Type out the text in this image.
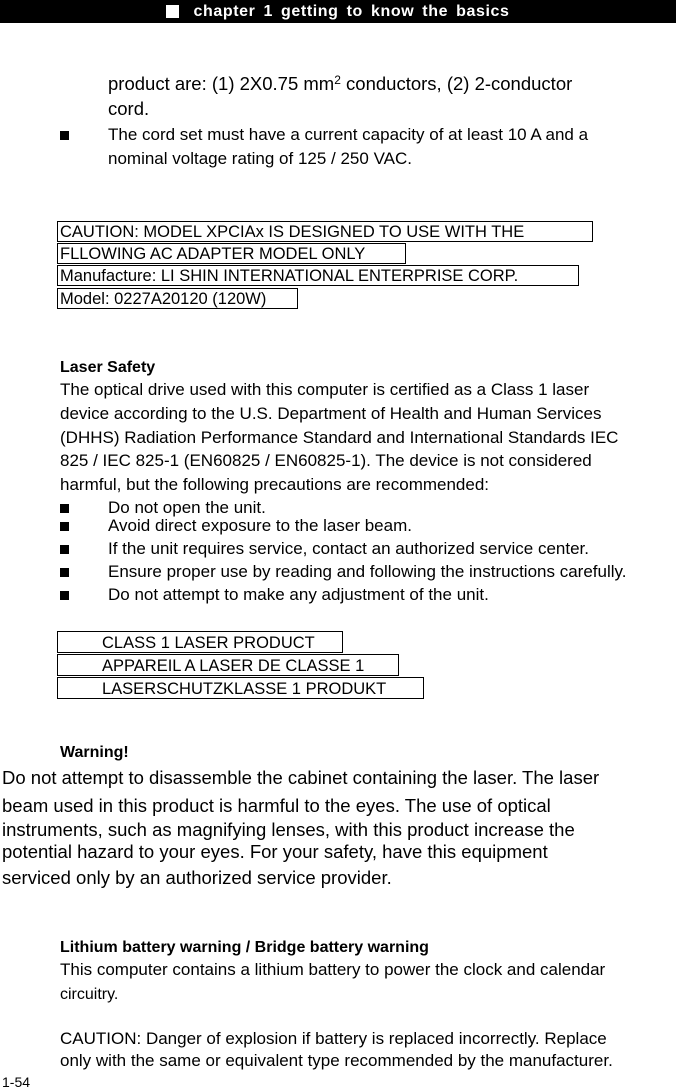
chapter 1 getting to know the basics
product are: (1) 2X0.75 $mm^2$ conductors, (2) 2-conductor
cord.
The cord set must have a current capacity of at least 10 A and a
nominal voltage rating of 125 / 250 VAC.
CAUTION: MODEL XPCIAx IS DESIGNED TO USE WITH THE
FLLOWING AC ADAPTER MODEL ONLY
Manufacture: LI SHIN INTERNATIONAL ENTERPRISE CORP.
Model: 0227A20120 (120W)
Laser Safety
The optical drive used with this computer is certified as a Class 1 laser
device according to the U.S. Department of Health and Human Services
(DHHS) Radiation Performance Standard and International Standards IEC
825 / IEC 825-1 (EN60825 / EN60825-1). The device is not considered
harmful, but the following precautions are recommended:
Do not open the unit.
Avoid direct exposure to the laser beam.
If the unit requires service, contact an authorized service center.
Ensure proper use by reading and following the instructions carefully.
Do not attempt to make any adjustment of the unit.
CLASS 1 LASER PRODUCT
APPAREIL A LASER DE CLASSE 1
LASERSCHUTZKLASSE 1 PRODUKT
Warning!
Do not attempt to disassemble the cabinet containing the laser. The laser
beam used in this product is harmful to the eyes. The use of optical
instruments, such as magnifying lenses, with this product increase the
potential hazard to your eyes. For your safety, have this equipment
serviced only by an authorized service provider.
Lithium battery warning / Bridge battery warning
This computer contains a lithium battery to power the clock and calendar
circuitry.
CAUTION: Danger of explosion if battery is replaced incorrectly. Replace
only with the same or equivalent type recommended by the manufacturer.
1-54
